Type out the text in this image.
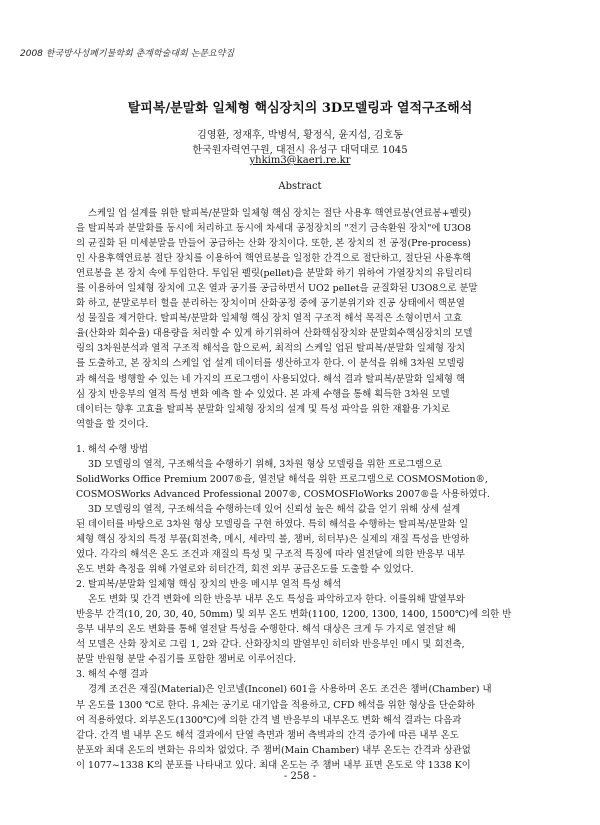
2008 한국방사성폐기물학회 춘계학술대회 논문요약집
탈피복/분말화 일체형 핵심장치의 3D모델링과 열적구조해석
김영환, 정재후, 박병석, 황정식, 윤지섭, 김호동
한국원자력연구원, 대전시 유성구 대덕대로 1045
yhkim3@kaeri.re.kr
Abstract
스케일 업 설계를 위한 탈피복/분말화 일체형 핵심 장치는 절단 사용후 핵연료봉(연료봉+펠릿)
을 탈피복과 분말화를 동시에 처리하고 동시에 차세대 공정장치의 "전기 금속환원 장치"에 U3O8
의 균질화 된 미세분말을 만들어 공급하는 산화 장치이다. 또한, 본 장치의 전 공정(Pre-process)
인 사용후핵연료봉 절단 장치를 이용하여 핵연료봉을 일정한 간격으로 절단하고, 절단된 사용후핵
연료봉을 본 장치 속에 투입한다. 투입된 펠릿(pellet)을 분말화 하기 위하여 가열장치의 유틸리티
를 이용하여 일체형 장치에 고온 열과 공기를 공급하면서 UO2 pellet을 균질화된 U3O8으로 분말
화 하고, 분말로부터 헐을 분리하는 장치이며 산화공정 중에 공기분위기와 진공 상태에서 핵분열
성 물질을 제거한다. 탈피복/분말화 일체형 핵심 장치 열적 구조적 해석 목적은 소형이면서 고효
율(산화와 회수율) 대용량을 처리할 수 있게 하기위하여 산화핵심장치와 분말회수핵심장치의 모델
링의 3차원분석과 열적 구조적 해석을 함으로써, 최적의 스케일 업된 탈피복/분말화 일체형 장치
를 도출하고, 본 장치의 스케일 업 설계 데이터를 생산하고자 한다. 이 분석을 위해 3차원 모델링
과 해석을 병행할 수 있는 네 가지의 프로그램이 사용되었다. 해석 결과 탈피복/분말화 일체형 핵
심 장치 반응부의 열적 특성 변화 예측 할 수 있었다. 본 과제 수행을 통해 획득한 3차원 모델
데이터는 향후 고효율 탈피복 분말화 일체형 장치의 설계 및 특성 파악을 위한 재활용 가치로
역할을 할 것이다.
1. 해석 수행 방법
3D 모델링의 열적, 구조해석을 수행하기 위해, 3차원 형상 모델링을 위한 프로그램으로
SolidWorks Office Premium 2007®을, 열전달 해석을 위한 프로그램으로 COSMOSMotion®,
COSMOSWorks Advanced Professional 2007®, COSMOSFloWorks 2007®을 사용하였다.
3D 모델링의 열적, 구조해석을 수행하는데 있어 신뢰성 높은 해석 값을 얻기 위해 상세 설계
된 데이터를 바탕으로 3차원 형상 모델링을 구현 하였다. 특히 해석을 수행하는 탈피복/분말화 일
체형 핵심 장치의 특정 부품(회전축, 메시, 세라믹 볼, 챔버, 히터부)은 실제의 재질 특성을 반영하
였다. 각각의 해석은 온도 조건과 재질의 특성 및 구조적 특징에 따라 열전달에 의한 반응부 내부
온도 변화 측정을 위해 가열로와 히터간격, 회전 외부 공급온도를 도출할 수 있었다.
2. 탈피복/분말화 일체형 핵심 장치의 반응 메시부 열적 특성 해석
온도 변화 및 간격 변화에 의한 반응부 내부 온도 특성을 파악하고자 한다. 이를위해 발열부와
반응부 간격(10, 20, 30, 40, 50mm) 및 외부 온도 변화(1100, 1200, 1300, 1400, 1500℃)에 의한 반
응부 내부의 온도 변화를 통해 열전달 특성을 수행한다. 해석 대상은 크게 두 가지로 열전달 해
석 모델은 산화 장치로 그림 1, 2와 같다. 산화장치의 발열부인 히터와 반응부인 메시 및 회전축,
분말 반원형 분말 수집기를 포함한 챔버로 이루어진다.
3. 해석 수행 결과
경계 조건은 재질(Material)은 인코넬(Inconel) 601을 사용하며 온도 조건은 챔버(Chamber) 내
부 온도를 1300 ℃로 한다. 유체는 공기로 대기압을 적용하고, CFD 해석을 위한 형상을 단순화하
여 적용하였다. 외부온도(1300℃)에 의한 간격 별 반응부의 내부온도 변화 해석 결과는 다음과
같다. 간격 별 내부 온도 해석 결과에서 단열 측면과 챔버 측벽과의 간격 증가에 따른 내부 온도
분포와 최대 온도의 변화는 유의차 없었다. 주 챔버(Main Chamber) 내부 온도는 간격과 상관없
이 1077~1338 K의 분포를 나타내고 있다. 최대 온도는 주 챔버 내부 표면 온도로 약 1338 K이
- 258 -
